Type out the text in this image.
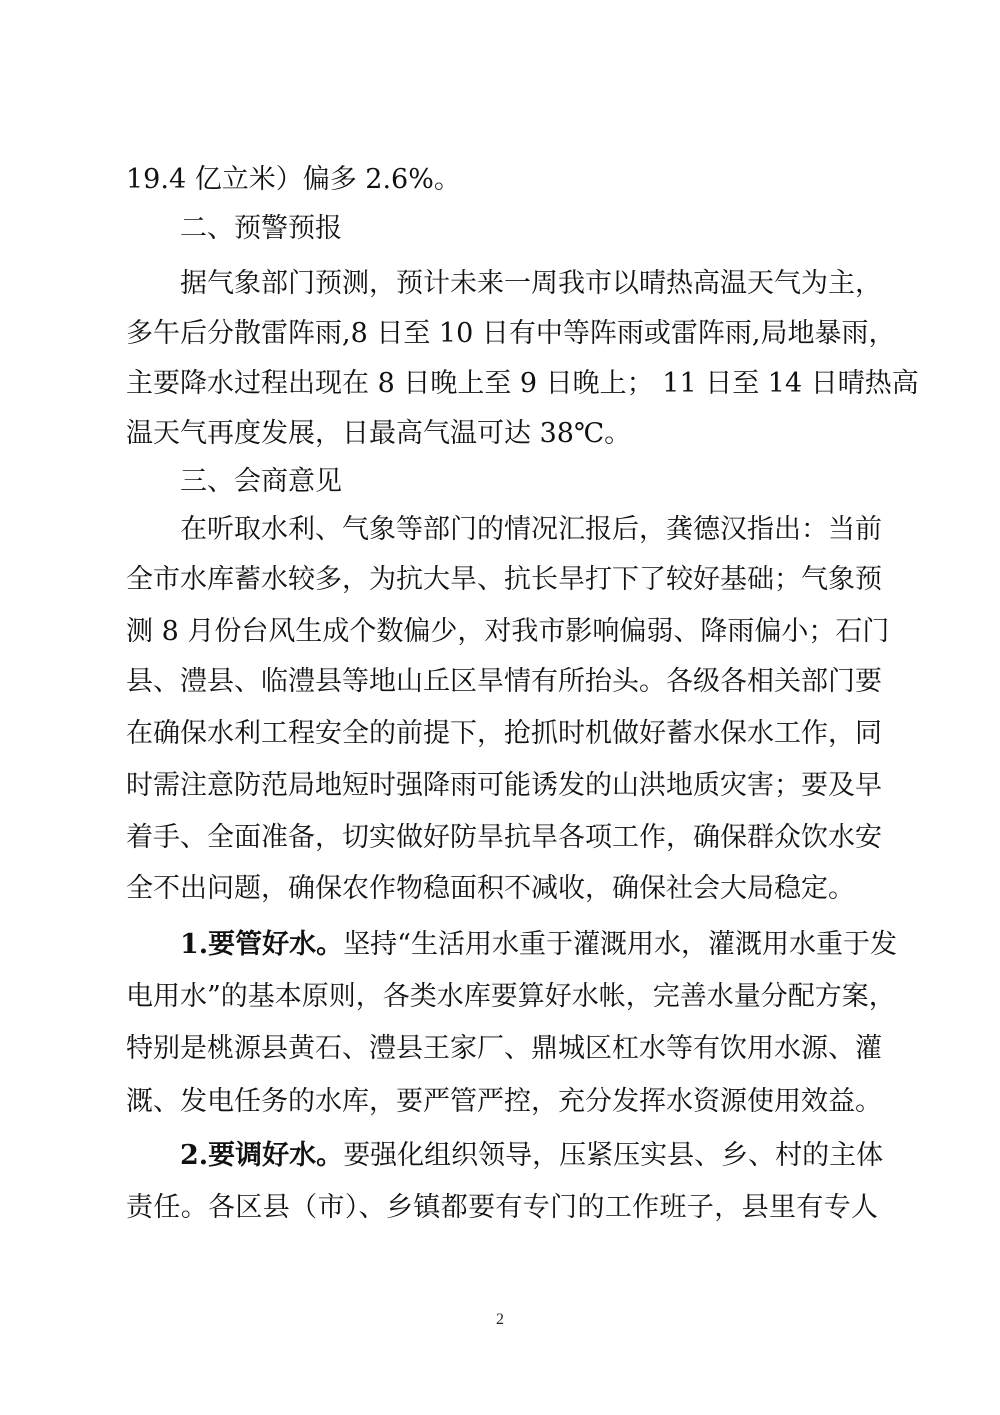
19.4 亿立米）偏多 2.6%。
二、预警预报
据气象部门预测，预计未来一周我市以晴热高温天气为主，
多午后分散雷阵雨,8 日至 10 日有中等阵雨或雷阵雨,局地暴雨，
主要降水过程出现在 8 日晚上至 9 日晚上； 11 日至 14 日晴热高
温天气再度发展，日最高气温可达 38℃。
三、会商意见
在听取水利、气象等部门的情况汇报后，龚德汉指出：当前
全市水库蓄水较多，为抗大旱、抗长旱打下了较好基础；气象预
测 8 月份台风生成个数偏少，对我市影响偏弱、降雨偏小；石门
县、澧县、临澧县等地山丘区旱情有所抬头。各级各相关部门要
在确保水利工程安全的前提下，抢抓时机做好蓄水保水工作，同
时需注意防范局地短时强降雨可能诱发的山洪地质灾害；要及早
着手、全面准备，切实做好防旱抗旱各项工作，确保群众饮水安
全不出问题，确保农作物稳面积不减收，确保社会大局稳定。
1.要管好水。坚持“生活用水重于灌溉用水，灌溉用水重于发
电用水”的基本原则，各类水库要算好水帐，完善水量分配方案，
特别是桃源县黄石、澧县王家厂、鼎城区杠水等有饮用水源、灌
溉、发电任务的水库，要严管严控，充分发挥水资源使用效益。
2.要调好水。要强化组织领导，压紧压实县、乡、村的主体
责任。各区县（市）、乡镇都要有专门的工作班子，县里有专人
2
